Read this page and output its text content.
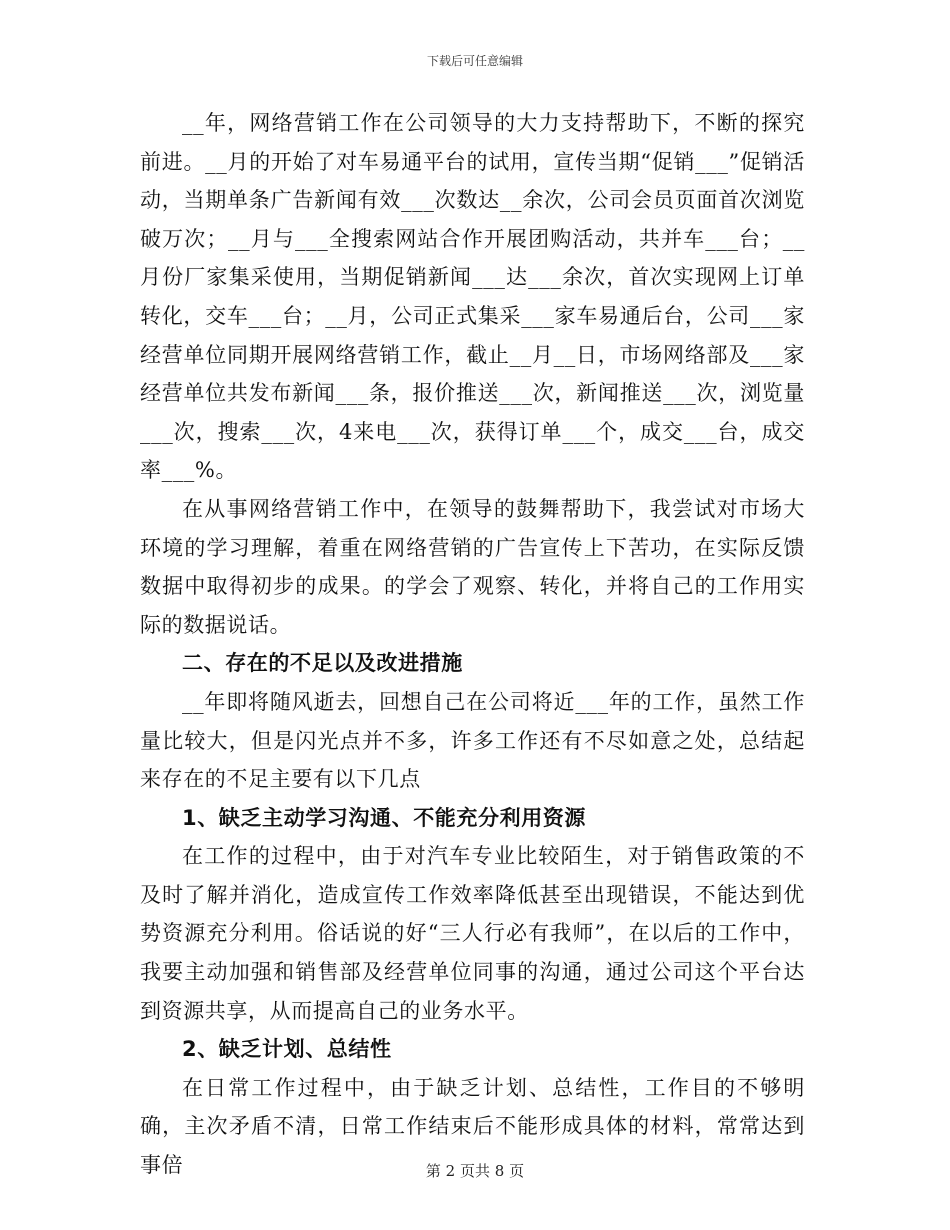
下载后可任意编辑

__年，网络营销工作在公司领导的大力支持帮助下，不断的探究前进。__月的开始了对车易通平台的试用，宣传当期“促销___”促销活动，当期单条广告新闻有效___次数达__余次，公司会员页面首次浏览破万次；__月与___全搜索网站合作开展团购活动，共并车___台；__月份厂家集采使用，当期促销新闻___达___余次，首次实现网上订单转化，交车___台；__月，公司正式集采___家车易通后台，公司___家经营单位同期开展网络营销工作，截止__月__日，市场网络部及___家经营单位共发布新闻___条，报价推送___次，新闻推送___次，浏览量___次，搜索___次，4来电___次，获得订单___个，成交___台，成交率___%。

在从事网络营销工作中，在领导的鼓舞帮助下，我尝试对市场大环境的学习理解，着重在网络营销的广告宣传上下苦功，在实际反馈数据中取得初步的成果。的学会了观察、转化，并将自己的工作用实际的数据说话。

二、存在的不足以及改进措施

__年即将随风逝去，回想自己在公司将近___年的工作，虽然工作量比较大，但是闪光点并不多，许多工作还有不尽如意之处，总结起来存在的不足主要有以下几点

1、缺乏主动学习沟通、不能充分利用资源

在工作的过程中，由于对汽车专业比较陌生，对于销售政策的不及时了解并消化，造成宣传工作效率降低甚至出现错误，不能达到优势资源充分利用。俗话说的好“三人行必有我师”，在以后的工作中，我要主动加强和销售部及经营单位同事的沟通，通过公司这个平台达到资源共享，从而提高自己的业务水平。

2、缺乏计划、总结性

在日常工作过程中，由于缺乏计划、总结性，工作目的不够明确，主次矛盾不清，日常工作结束后不能形成具体的材料，常常达到事倍	第 2 页共 8 页
